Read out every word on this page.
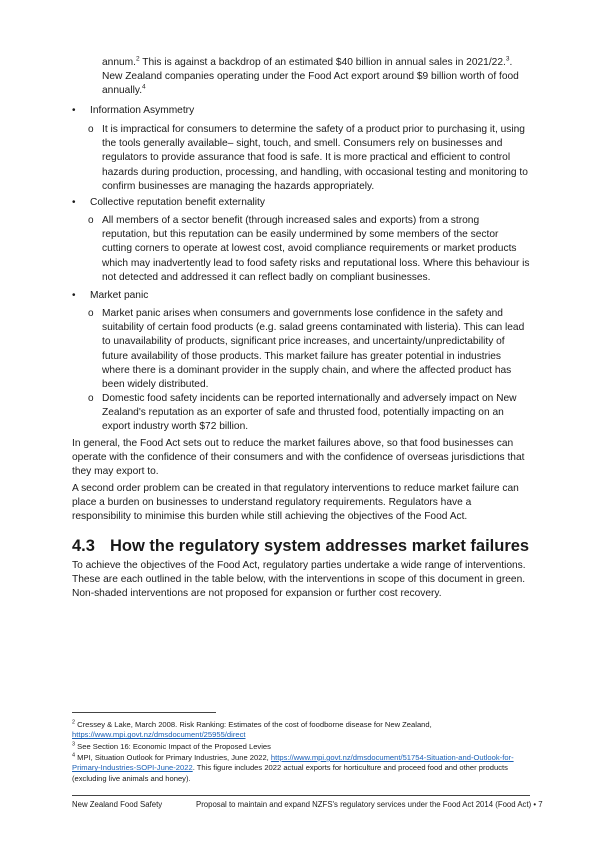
annum.$^2$ This is against a backdrop of an estimated $40 billion in annual sales in 2021/22.$^3$. New Zealand companies operating under the Food Act export around $9 billion worth of food annually.$^4$

•	Information Asymmetry
o It is impractical for consumers to determine the safety of a product prior to purchasing it, using the tools generally available– sight, touch, and smell. Consumers rely on businesses and regulators to provide assurance that food is safe. It is more practical and efficient to control hazards during production, processing, and handling, with occasional testing and monitoring to confirm businesses are managing the hazards appropriately.

•	Collective reputation benefit externality
o All members of a sector benefit (through increased sales and exports) from a strong reputation, but this reputation can be easily undermined by some members of the sector cutting corners to operate at lowest cost, avoid compliance requirements or market products which may inadvertently lead to food safety risks and reputational loss. Where this behaviour is not detected and addressed it can reflect badly on compliant businesses.

•	Market panic
o Market panic arises when consumers and governments lose confidence in the safety and suitability of certain food products (e.g. salad greens contaminated with listeria). This can lead to unavailability of products, significant price increases, and uncertainty/unpredictability of future availability of those products. This market failure has greater potential in industries where there is a dominant provider in the supply chain, and where the affected product has been widely distributed.

o Domestic food safety incidents can be reported internationally and adversely impact on New Zealand's reputation as an exporter of safe and thrusted food, potentially impacting on an export industry worth $72 billion.

In general, the Food Act sets out to reduce the market failures above, so that food businesses can operate with the confidence of their consumers and with the confidence of overseas jurisdictions that they may export to.

A second order problem can be created in that regulatory interventions to reduce market failure can place a burden on businesses to understand regulatory requirements. Regulators have a responsibility to minimise this burden while still achieving the objectives of the Food Act.

4.3 How the regulatory system addresses market failures

To achieve the objectives of the Food Act, regulatory parties undertake a wide range of interventions. These are each outlined in the table below, with the interventions in scope of this document in green. Non-shaded interventions are not proposed for expansion or further cost recovery.

$^2$ Cressey & Lake, March 2008. Risk Ranking: Estimates of the cost of foodborne disease for New Zealand,
https://www.mpi.govt.nz/dmsdocument/25955/direct

$^3$ See Section 16: Economic Impact of the Proposed Levies

$^4$ MPI, Situation Outlook for Primary Industries, June 2022, https://www.mpi.govt.nz/dmsdocument/51754-Situation-and-Outlook-for-Primary-Industries-SOPI-June-2022. This figure includes 2022 actual exports for horticulture and proceed food and other products (excluding live animals and honey).

New Zealand Food Safety	Proposal to maintain and expand NZFS's regulatory services under the Food Act 2014 (Food Act) • 7
